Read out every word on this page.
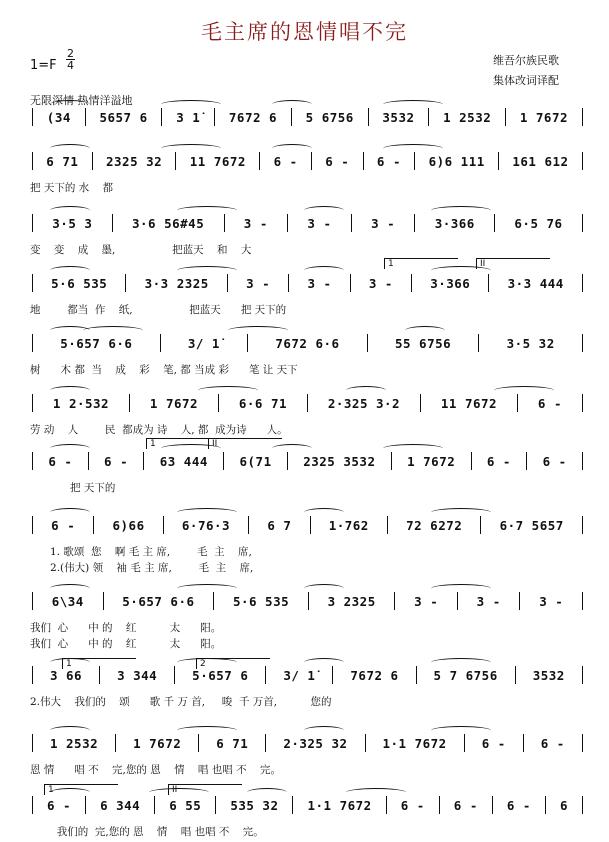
毛主席的恩情唱不完
1=F
2
4	维吾尔族民歌
集体改词译配
无限深情 热情洋溢地
(34 5657 6 3 1̇ 7672 6 5 6756 3532 1 2532 1 7672
6 71 2325 32 11 7672 6 - 6 - 6 - 6)6 111 161 612
把 天下的 水    都
3·5 3	3·6 56#45	3 -	3 -	3 -	3·366	6·5 76
变    变    成    墨,                 把蓝天    和    大
5·6 535	3·3 2325	3 -	3 -	3 -	3·366	3·3 444
地        都当  作    纸,                 把蓝天      把 天下的
5·657 6·6	3/ 1̇	7672 6·6	55 6756	3·5 32
树      木 都  当    成    彩    笔, 都 当成 彩      笔 让 天下
1 2·532	1 7672	6·6 71	2·325 3·2	11 7672	6 -
劳 动    人        民  都成为 诗    人, 都  成为诗      人。
6 -	6 -	63 444	6(71	2325 3532	1 7672	6 -	6 -
把 天下的
6 -	6)66	6·76·3	6 7	1·762	72 6272	6·7 5657
1. 歌颂  您    啊 毛 主 席,        毛  主    席,
2.(伟大) 领    袖 毛 主 席,        毛  主    席,
6\34	5·657 6·6	5·6 535	3 2325	3 -	3 -	3 -
我们  心      中 的    红          太      阳。
我们  心      中 的    红          太      阳。
3 66	3 344	5·657 6	3/ 1̇	7672 6	5 7 6756	3532
2.伟大    我们的    颂      歌 千 万 首,     唆  千 万首,          您的
1 2532	1 7672	6 71	2·325 32	1·1 7672	6 -	6 -
恩 情      唱 不    完,您的 恩    情    唱 也唱 不    完。
6 - 6 344 6 55 535 32 1·1 7672 6 - 6 - 6 - 6
我们的  完,您的 恩    情    唱 也唱 不    完。
1	II
1	II
1	2
1	II
